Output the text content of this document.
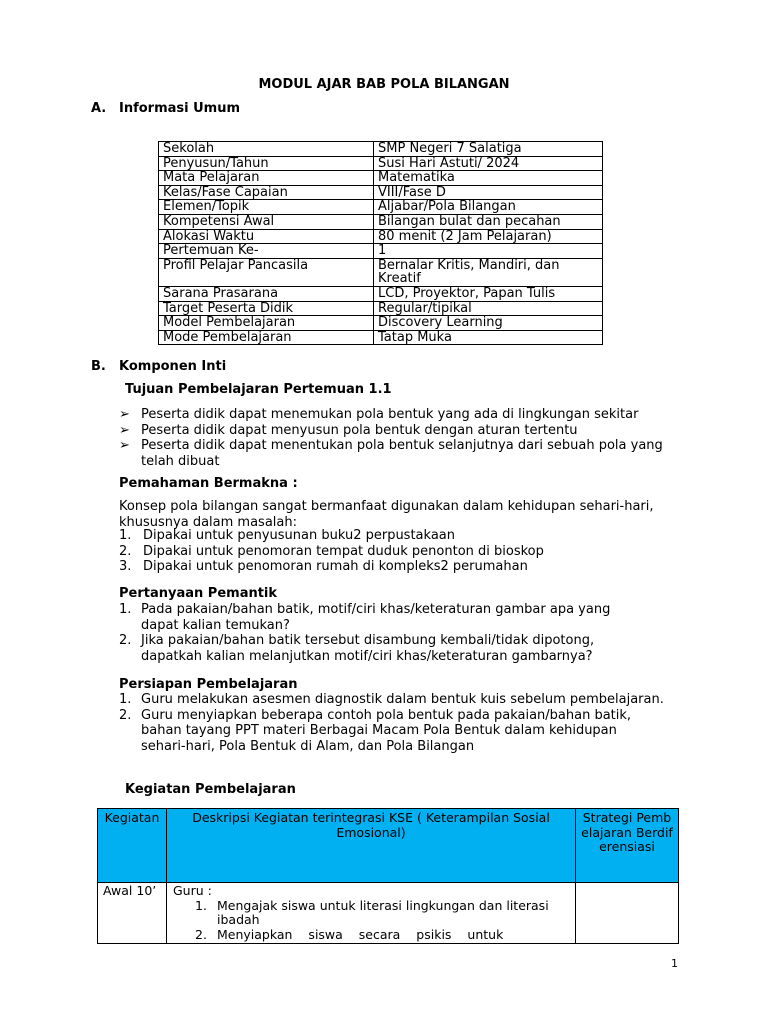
MODUL AJAR BAB POLA BILANGAN
A. Informasi Umum
Sekolah	SMP Negeri 7 Salatiga
Penyusun/Tahun	Susi Hari Astuti/ 2024
Mata Pelajaran	Matematika
Kelas/Fase Capaian	VIII/Fase D
Elemen/Topik	Aljabar/Pola Bilangan
Kompetensi Awal	Bilangan bulat dan pecahan
Alokasi Waktu	80 menit (2 Jam Pelajaran)
Pertemuan Ke-	1
Profil Pelajar Pancasila	Bernalar Kritis, Mandiri, dan Kreatif
Sarana Prasarana	LCD, Proyektor, Papan Tulis
Target Peserta Didik	Regular/tipikal
Model Pembelajaran	Discovery Learning
Mode Pembelajaran	Tatap Muka
B. Komponen Inti
Tujuan Pembelajaran Pertemuan 1.1
➢ Peserta didik dapat menemukan pola bentuk yang ada di lingkungan sekitar
➢ Peserta didik dapat menyusun pola bentuk dengan aturan tertentu
➢ Peserta didik dapat menentukan pola bentuk selanjutnya dari sebuah pola yang telah dibuat
Pemahaman Bermakna :
Konsep pola bilangan sangat bermanfaat digunakan dalam kehidupan sehari-hari, khususnya dalam masalah:
1. Dipakai untuk penyusunan buku2 perpustakaan
2. Dipakai untuk penomoran tempat duduk penonton di bioskop
3. Dipakai untuk penomoran rumah di kompleks2 perumahan
Pertanyaan Pemantik
1. Pada pakaian/bahan batik, motif/ciri khas/keteraturan gambar apa yang dapat kalian temukan?
2. Jika pakaian/bahan batik tersebut disambung kembali/tidak dipotong, dapatkah kalian melanjutkan motif/ciri khas/keteraturan gambarnya?
Persiapan Pembelajaran
1. Guru melakukan asesmen diagnostik dalam bentuk kuis sebelum pembelajaran.
2. Guru menyiapkan beberapa contoh pola bentuk pada pakaian/bahan batik, bahan tayang PPT materi Berbagai Macam Pola Bentuk dalam kehidupan sehari-hari, Pola Bentuk di Alam, dan Pola Bilangan
Kegiatan Pembelajaran
Kegiatan	Deskripsi Kegiatan terintegrasi KSE ( Keterampilan Sosial Emosional)	Strategi Pembelajaran Berdiferensiasi
Awal 10’	Guru :
1. Mengajak siswa untuk literasi lingkungan dan literasi ibadah
2. Menyiapkan siswa secara psikis untuk	

1
